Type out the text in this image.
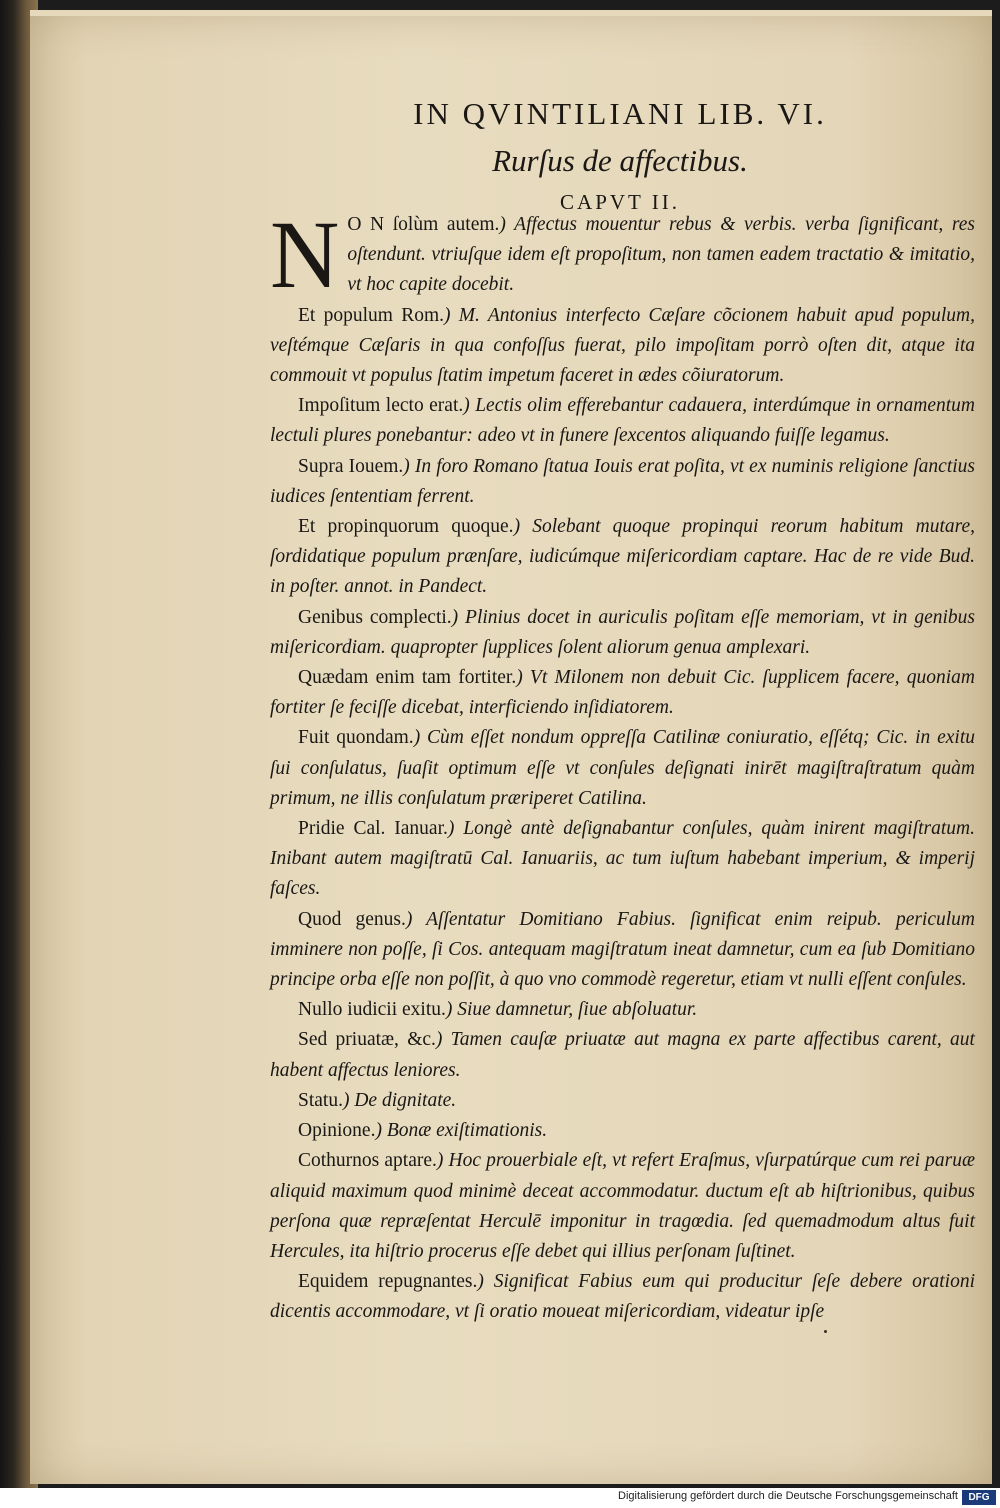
IN QVINTILIANI LIB. VI.
Rurſus de affectibus.
CAPVT II.

N O N ſolùm autem.) Affectus mouentur rebus & verbis. verba ſignificant, res oſtendunt. vtriuſque idem eſt propoſitum, non tamen eadem tractatio & imitatio, vt hoc capite docebit.

Et populum Rom.) M. Antonius interfecto Cæſare cõcionem habuit apud populum, veſtémque Cæſaris in qua confoſſus fuerat, pilo impoſitam porrò oſten dit, atque ita commouit vt populus ſtatim impetum faceret in ædes cõiuratorum.

Impoſitum lecto erat.) Lectis olim efferebantur cadauera, interdúmque in ornamentum lectuli plures ponebantur: adeo vt in funere ſexcentos aliquando fuiſſe legamus.

Supra Iouem.) In foro Romano ſtatua Iouis erat poſita, vt ex numinis religione ſanctius iudices ſententiam ferrent.

Et propinquorum quoque.) Solebant quoque propinqui reorum habitum mutare, ſordidatique populum prænſare, iudicúmque miſericordiam captare. Hac de re vide Bud. in poſter. annot. in Pandect.

Genibus complecti.) Plinius docet in auriculis poſitam eſſe memoriam, vt in genibus miſericordiam. quapropter ſupplices ſolent aliorum genua amplexari.

Quædam enim tam fortiter.) Vt Milonem non debuit Cic. ſupplicem facere, quoniam fortiter ſe feciſſe dicebat, interficiendo inſidiatorem.

Fuit quondam.) Cùm eſſet nondum oppreſſa Catilinæ coniuratio, eſſétq; Cic. in exitu ſui conſulatus, ſuaſit optimum eſſe vt conſules deſignati inirēt magiſtraſtratum quàm primum, ne illis conſulatum præriperet Catilina.

Pridie Cal. Ianuar.) Longè antè deſignabantur conſules, quàm inirent magiſtratum. Inibant autem magiſtratū Cal. Ianuariis, ac tum iuſtum habebant imperium, & imperij faſces.

Quod genus.) Aſſentatur Domitiano Fabius. ſignificat enim reipub. periculum imminere non poſſe, ſi Cos. antequam magiſtratum ineat damnetur, cum ea ſub Domitiano principe orba eſſe non poſſit, à quo vno commodè regeretur, etiam vt nulli eſſent conſules.

Nullo iudicii exitu.) Siue damnetur, ſiue abſoluatur.

Sed priuatæ, &c.) Tamen cauſæ priuatæ aut magna ex parte affectibus carent, aut habent affectus leniores.

Statu.) De dignitate.

Opinione.) Bonæ exiſtimationis.

Cothurnos aptare.) Hoc prouerbiale eſt, vt refert Eraſmus, vſurpatúrque cum rei paruæ aliquid maximum quod minimè deceat accommodatur. ductum eſt ab hiſtrionibus, quibus perſona quæ repræſentat Herculē imponitur in tragœdia. ſed quemadmodum altus fuit Hercules, ita hiſtrio procerus eſſe debet qui illius perſonam ſuſtinet.

Equidem repugnantes.) Significat Fabius eum qui producitur ſeſe debere orationi dicentis accommodare, vt ſi oratio moueat miſericordiam, videatur ipſe

Digitalisierung gefördert durch die Deutsche Forschungsgemeinschaft	DFG
